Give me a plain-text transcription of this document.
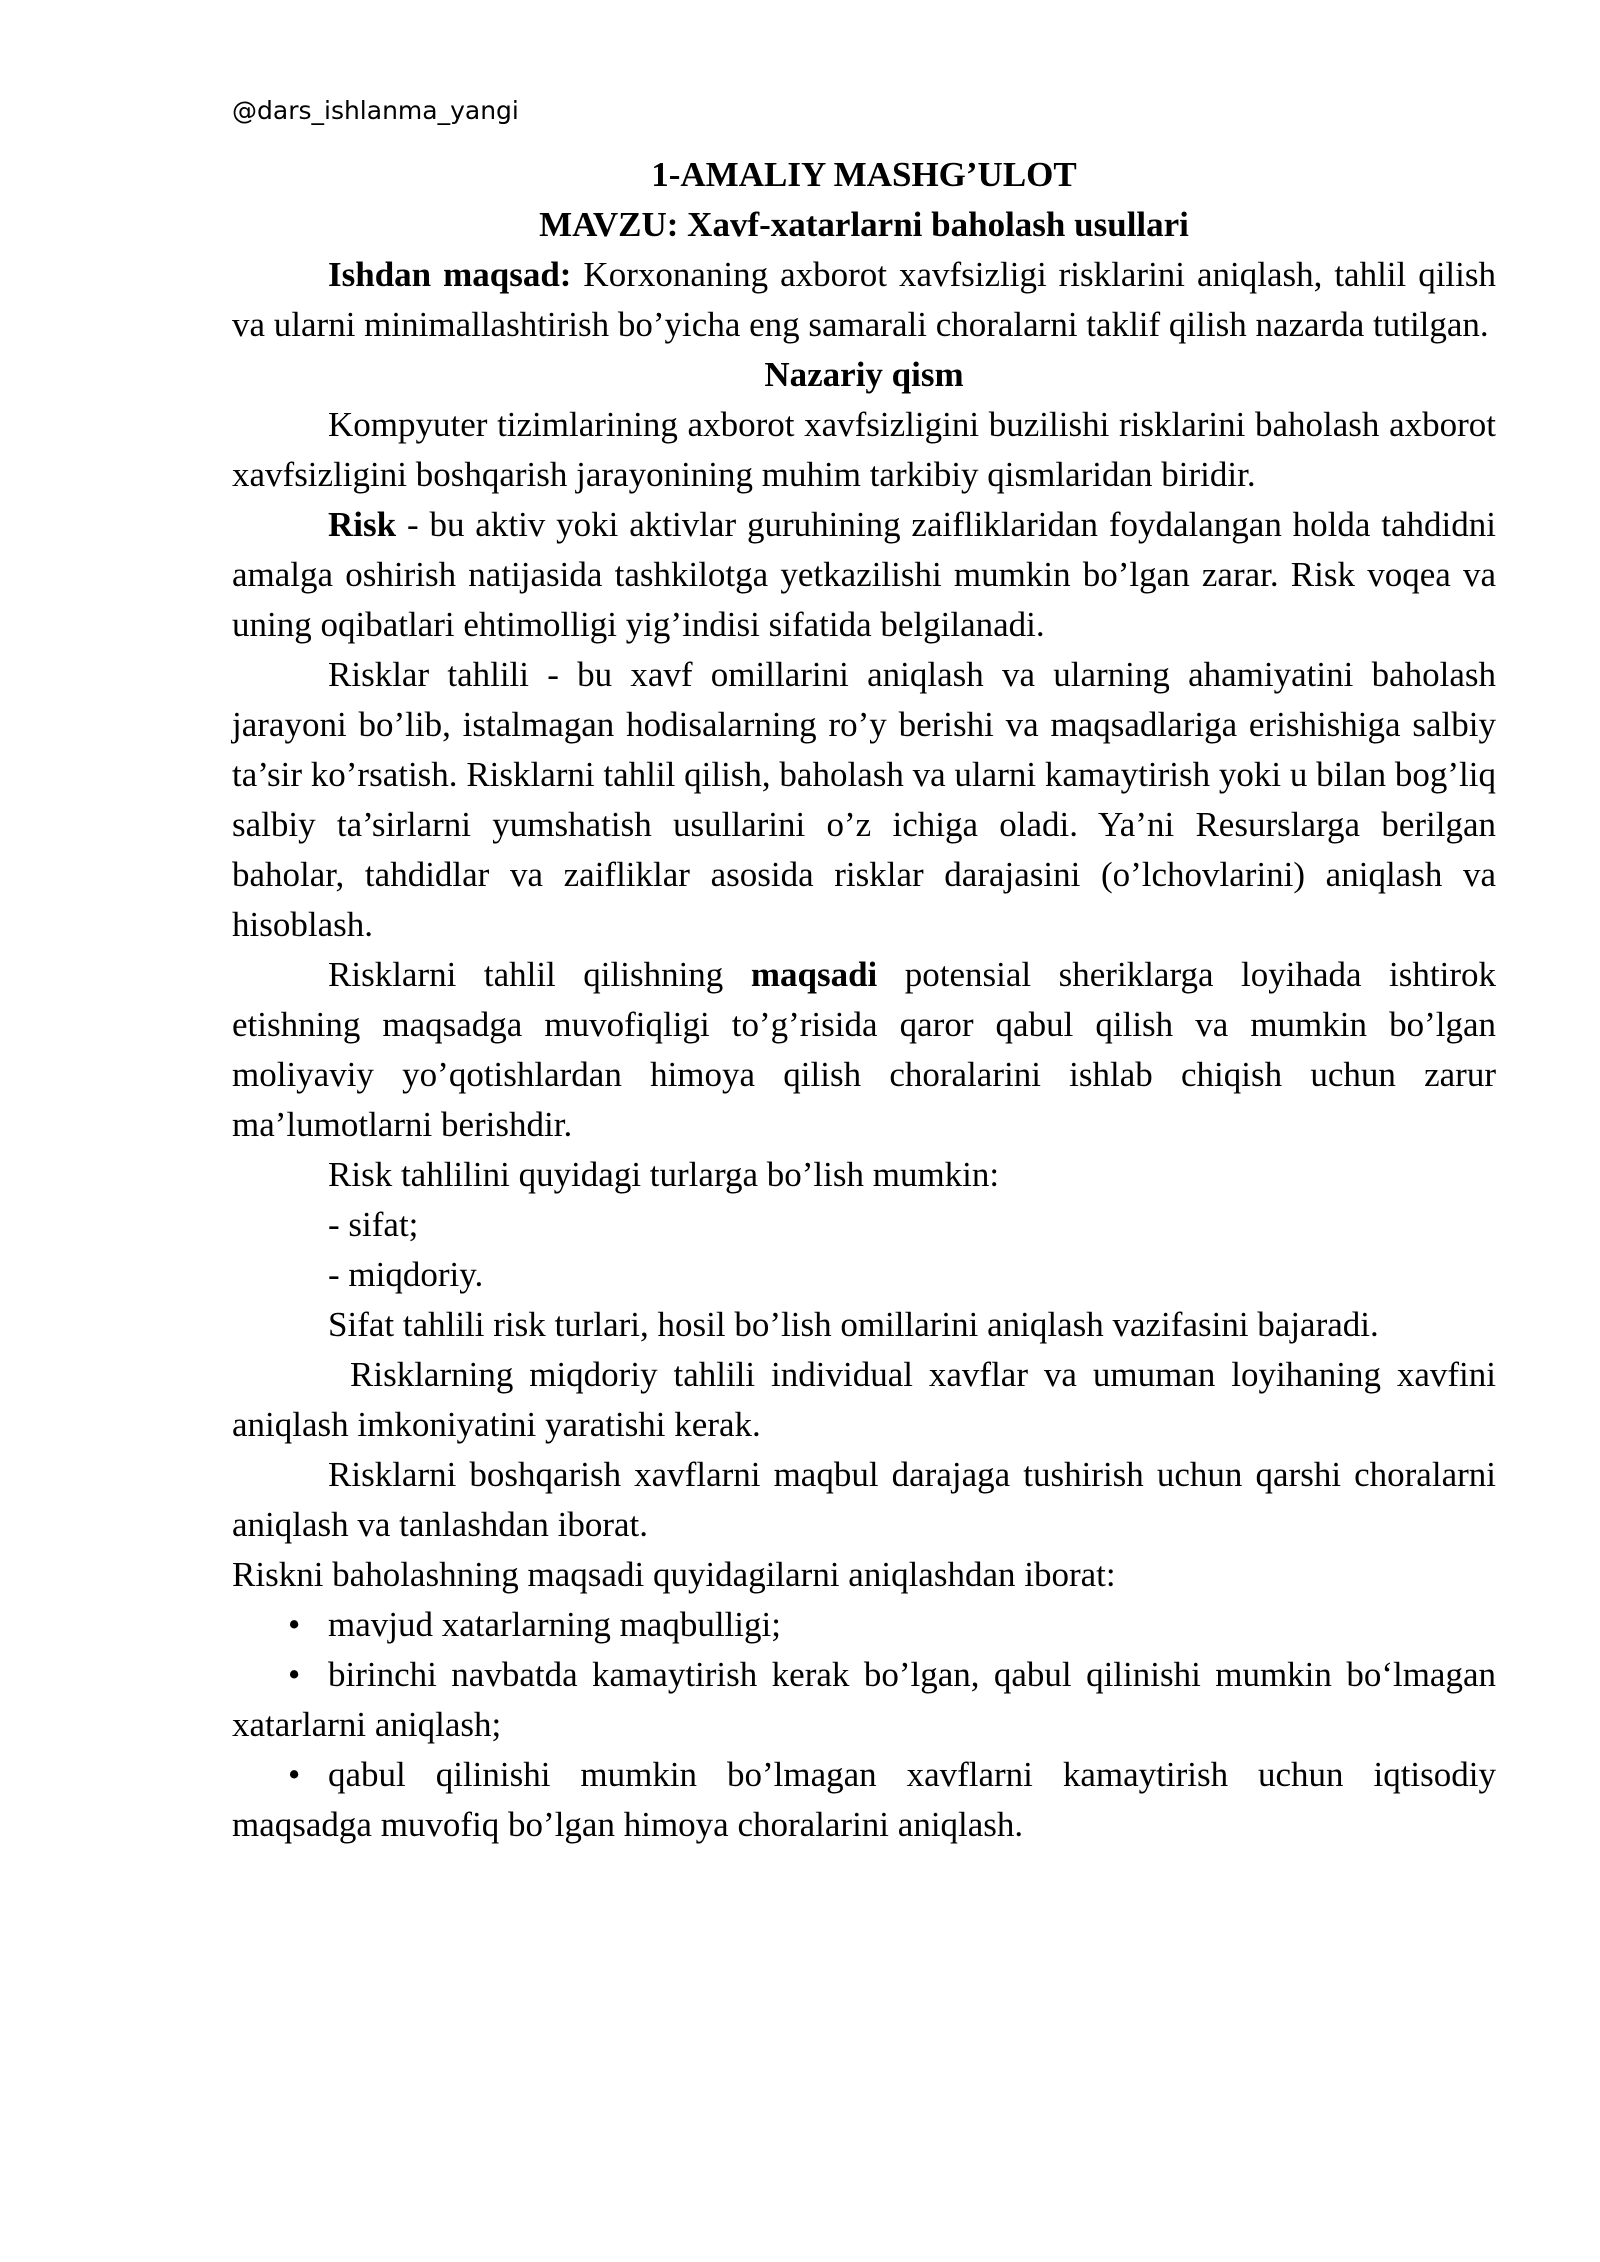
@dars_ishlanma_yangi

1-AMALIY MASHG’ULOT

MAVZU: Xavf-xatarlarni baholash usullari

Ishdan maqsad: Korxonaning axborot xavfsizligi risklarini aniqlash, tahlil qilish va ularni minimallashtirish bo’yicha eng samarali choralarni taklif qilish nazarda tutilgan.

Nazariy qism

Kompyuter tizimlarining axborot xavfsizligini buzilishi risklarini baholash axborot xavfsizligini boshqarish jarayonining muhim tarkibiy qismlaridan biridir.

Risk - bu aktiv yoki aktivlar guruhining zaifliklaridan foydalangan holda tahdidni amalga oshirish natijasida tashkilotga yetkazilishi mumkin bo’lgan zarar. Risk voqea va uning oqibatlari ehtimolligi yig’indisi sifatida belgilanadi.

Risklar tahlili - bu xavf omillarini aniqlash va ularning ahamiyatini baholash jarayoni bo’lib, istalmagan hodisalarning ro’y berishi va maqsadlariga erishishiga salbiy ta’sir ko’rsatish. Risklarni tahlil qilish, baholash va ularni kamaytirish yoki u bilan bog’liq salbiy ta’sirlarni yumshatish usullarini o’z ichiga oladi. Ya’ni Resurslarga berilgan baholar, tahdidlar va zaifliklar asosida risklar darajasini (o’lchovlarini) aniqlash va hisoblash.

Risklarni tahlil qilishning maqsadi potensial sheriklarga loyihada ishtirok etishning maqsadga muvofiqligi to’g’risida qaror qabul qilish va mumkin bo’lgan moliyaviy yo’qotishlardan himoya qilish choralarini ishlab chiqish uchun zarur ma’lumotlarni berishdir.

Risk tahlilini quyidagi turlarga bo’lish mumkin:

- sifat;

- miqdoriy.

Sifat tahlili risk turlari, hosil bo’lish omillarini aniqlash vazifasini bajaradi.

Risklarning miqdoriy tahlili individual xavflar va umuman loyihaning xavfini aniqlash imkoniyatini yaratishi kerak.

Risklarni boshqarish xavflarni maqbul darajaga tushirish uchun qarshi choralarni aniqlash va tanlashdan iborat.

Riskni baholashning maqsadi quyidagilarni aniqlashdan iborat:

• mavjud xatarlarning maqbulligi;

• birinchi navbatda kamaytirish kerak bo’lgan, qabul qilinishi mumkin bo‘lmagan xatarlarni aniqlash;

• qabul qilinishi mumkin bo’lmagan xavflarni kamaytirish uchun iqtisodiy maqsadga muvofiq bo’lgan himoya choralarini aniqlash.
